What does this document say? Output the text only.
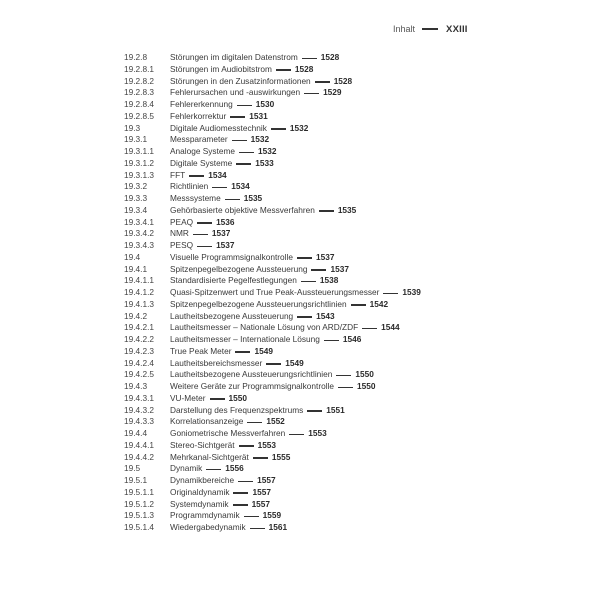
Inhalt	XXIII
19.2.8	Störungen im digitalen Datenstrom	1528
19.2.8.1	Störungen im Audiobitstrom	1528
19.2.8.2	Störungen in den Zusatzinformationen	1528
19.2.8.3	Fehlerursachen und -auswirkungen	1529
19.2.8.4	Fehlererkennung	1530
19.2.8.5	Fehlerkorrektur	1531
19.3	Digitale Audiomesstechnik	1532
19.3.1	Messparameter	1532
19.3.1.1	Analoge Systeme	1532
19.3.1.2	Digitale Systeme	1533
19.3.1.3	FFT	1534
19.3.2	Richtlinien	1534
19.3.3	Messsysteme	1535
19.3.4	Gehörbasierte objektive Messverfahren	1535
19.3.4.1	PEAQ	1536
19.3.4.2	NMR	1537
19.3.4.3	PESQ	1537
19.4	Visuelle Programmsignalkontrolle	1537
19.4.1	Spitzenpegelbezogene Aussteuerung	1537
19.4.1.1	Standardisierte Pegelfestlegungen	1538
19.4.1.2	Quasi-Spitzenwert und True Peak-Aussteuerungsmesser	1539
19.4.1.3	Spitzenpegelbezogene Aussteuerungsrichtlinien	1542
19.4.2	Lautheitsbezogene Aussteuerung	1543
19.4.2.1	Lautheitsmesser – Nationale Lösung von ARD/ZDF	1544
19.4.2.2	Lautheitsmesser – Internationale Lösung	1546
19.4.2.3	True Peak Meter	1549
19.4.2.4	Lautheitsbereichsmesser	1549
19.4.2.5	Lautheitsbezogene Aussteuerungsrichtlinien	1550
19.4.3	Weitere Geräte zur Programmsignalkontrolle	1550
19.4.3.1	VU-Meter	1550
19.4.3.2	Darstellung des Frequenzspektrums	1551
19.4.3.3	Korrelationsanzeige	1552
19.4.4	Goniometrische Messverfahren	1553
19.4.4.1	Stereo-Sichtgerät	1553
19.4.4.2	Mehrkanal-Sichtgerät	1555
19.5	Dynamik	1556
19.5.1	Dynamikbereiche	1557
19.5.1.1	Originaldynamik	1557
19.5.1.2	Systemdynamik	1557
19.5.1.3	Programmdynamik	1559
19.5.1.4	Wiedergabedynamik	1561
